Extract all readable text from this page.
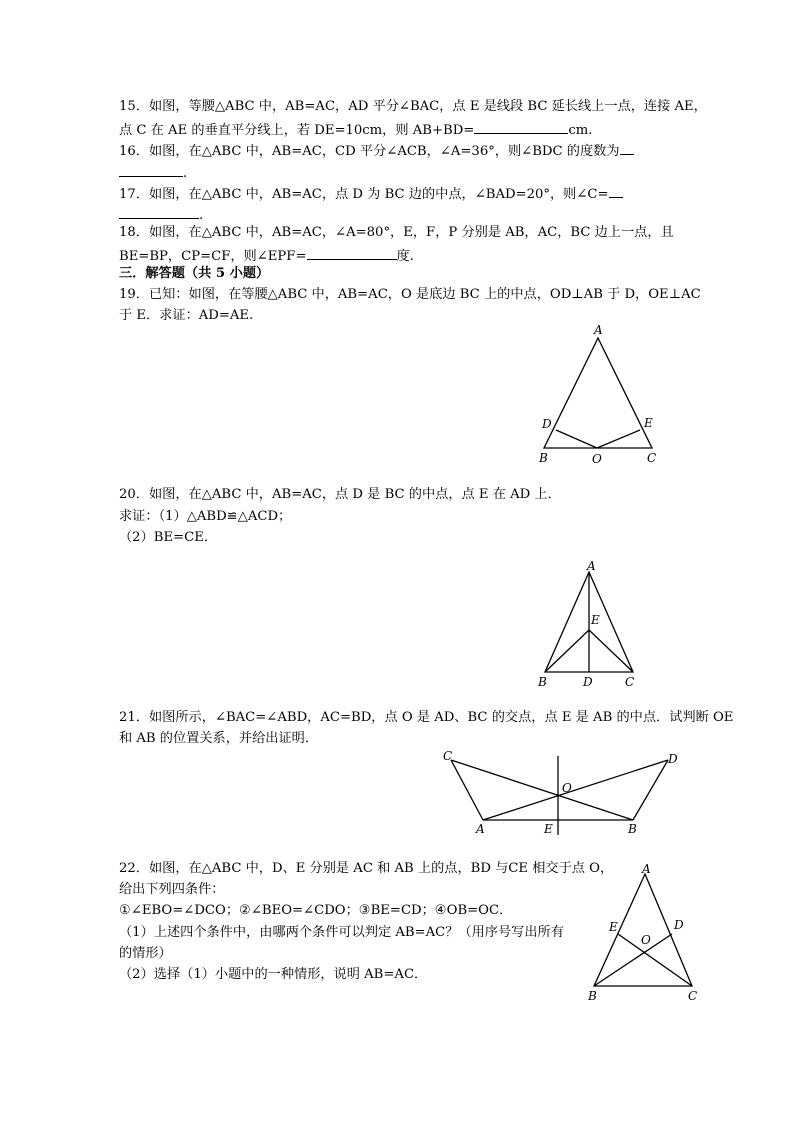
15．如图，等腰△ABC 中，AB=AC，AD 平分∠BAC，点 E 是线段 BC 延长线上一点，连接 AE，
点 C 在 AE 的垂直平分线上，若 DE=10cm，则 AB+BD=	cm.
16．如图，在△ABC 中，AB=AC，CD 平分∠ACB，∠A=36°，则∠BDC 的度数为
.
17．如图，在△ABC 中，AB=AC，点 D 为 BC 边的中点，∠BAD=20°，则∠C=
.
18．如图，在△ABC 中，AB=AC，∠A=80°，E，F，P 分别是 AB，AC，BC 边上一点，且
BE=BP，CP=CF，则∠EPF=	度.
三．解答题（共 5 小题）
19．已知：如图，在等腰△ABC 中，AB=AC，O 是底边 BC 上的中点，OD⊥AB 于 D，OE⊥AC
于 E．求证：AD=AE.
A
D	E
B	O	C
20．如图，在△ABC 中，AB=AC，点 D 是 BC 的中点，点 E 在 AD 上．
求证：（1）△ABD≌△ACD；
（2）BE=CE．
A
E
B	D	C
21．如图所示，∠BAC=∠ABD，AC=BD，点 O 是 AD、BC 的交点，点 E 是 AB 的中点．试判断 OE
和 AB 的位置关系，并给出证明．
C	D
O
A	E	B
22．如图，在△ABC 中，D、E 分别是 AC 和 AB 上的点，BD 与CE 相交于点 O，
给出下列四条件：
①∠EBO=∠DCO；②∠BEO=∠CDO；③BE=CD；④OB=OC．
（1）上述四个条件中，由哪两个条件可以判定 AB=AC？（用序号写出所有
的情形）
（2）选择（1）小题中的一种情形，说明 AB=AC．
A
E	D
O
B	C
